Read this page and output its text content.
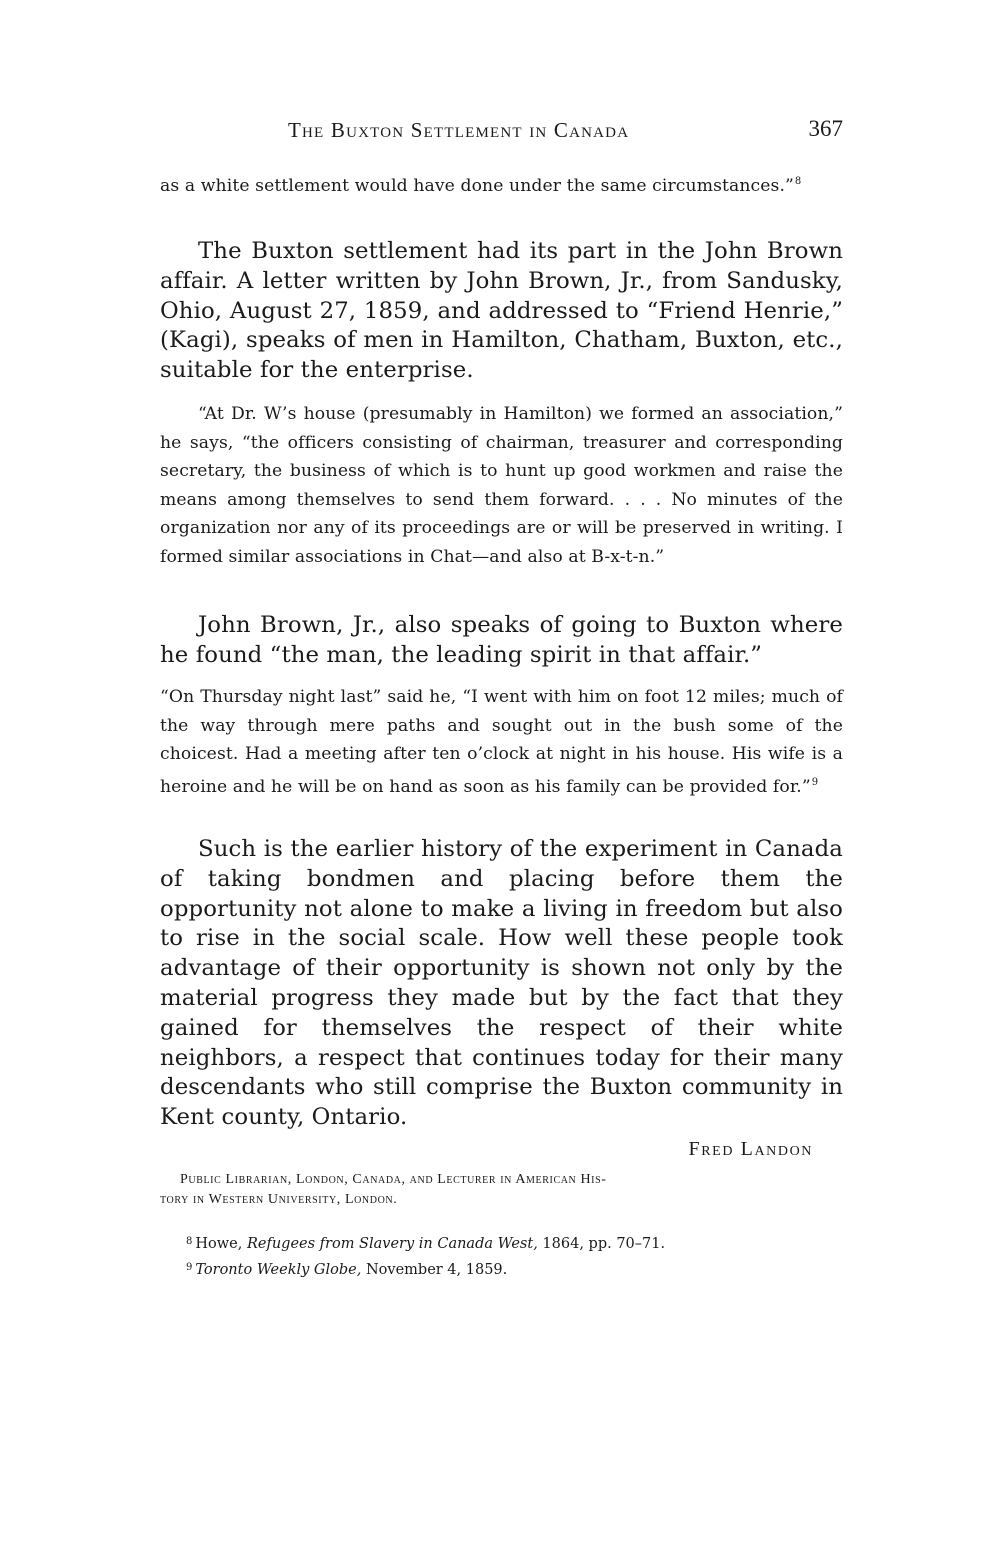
The Buxton Settlement in Canada	367

as a white settlement would have done under the same circumstances.”$^8$

The Buxton settlement had its part in the John Brown affair. A letter written by John Brown, Jr., from Sandusky, Ohio, August 27, 1859, and addressed to “Friend Henrie,” (Kagi), speaks of men in Hamilton, Chatham, Buxton, etc., suitable for the enterprise.

“At Dr. W’s house (presumably in Hamilton) we formed an association,” he says, “the officers consisting of chairman, treasurer and corresponding secretary, the business of which is to hunt up good workmen and raise the means among themselves to send them forward. . . . No minutes of the organization nor any of its proceedings are or will be preserved in writing. I formed similar associations in Chat—and also at B-x-t-n.”

John Brown, Jr., also speaks of going to Buxton where he found “the man, the leading spirit in that affair.”

“On Thursday night last” said he, “I went with him on foot 12 miles; much of the way through mere paths and sought out in the bush some of the choicest. Had a meeting after ten o’clock at night in his house. His wife is a heroine and he will be on hand as soon as his family can be provided for.”$^9$

Such is the earlier history of the experiment in Canada of taking bondmen and placing before them the opportunity not alone to make a living in freedom but also to rise in the social scale. How well these people took advantage of their opportunity is shown not only by the material progress they made but by the fact that they gained for themselves the respect of their white neighbors, a respect that continues today for their many descendants who still comprise the Buxton community in Kent county, Ontario.

Fred Landon
Public Librarian, London, Canada, and Lecturer in American His-
tory in Western University, London.
$^8$ Howe, Refugees from Slavery in Canada West, 1864, pp. 70–71.
$^9$ Toronto Weekly Globe, November 4, 1859.
